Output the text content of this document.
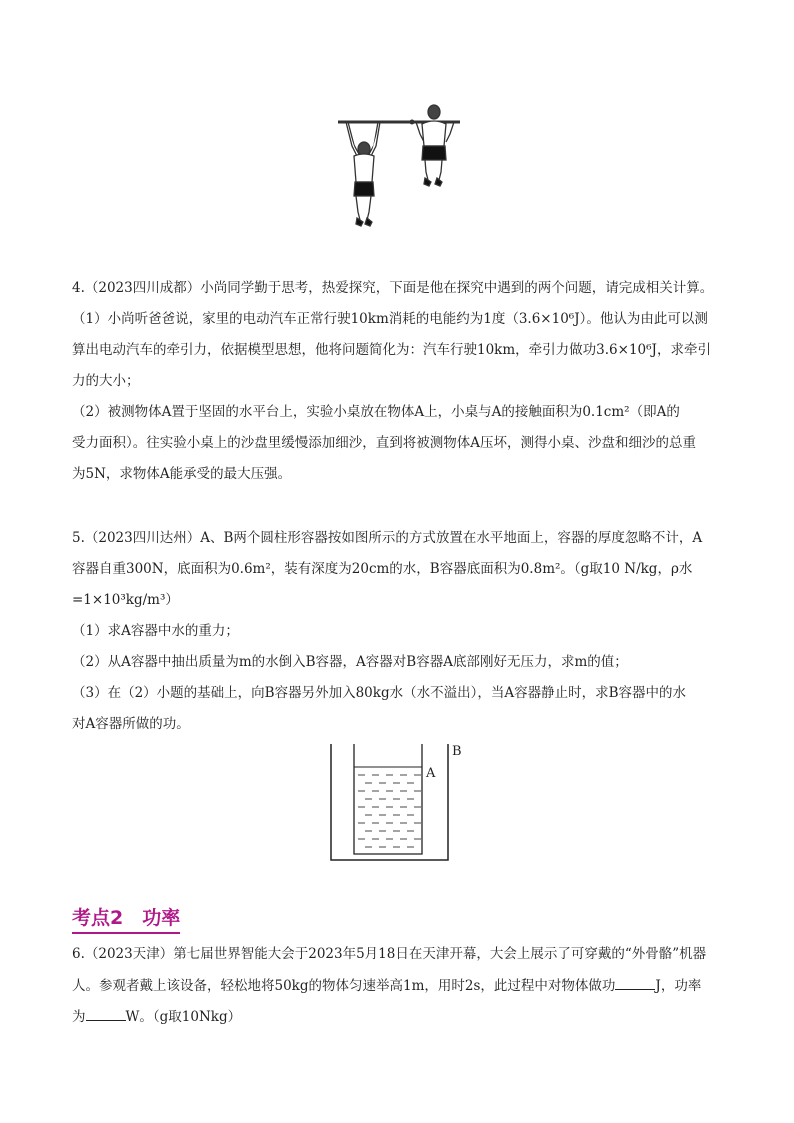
4.（2023四川成都）小尚同学勤于思考，热爱探究，下面是他在探究中遇到的两个问题，请完成相关计算。
（1）小尚听爸爸说，家里的电动汽车正常行驶10km消耗的电能约为1度（3.6×10⁶J）。他认为由此可以测
算出电动汽车的牵引力，依据模型思想，他将问题简化为：汽车行驶10km，牵引力做功3.6×10⁶J，求牵引
力的大小；
（2）被测物体A置于坚固的水平台上，实验小桌放在物体A上，小桌与A的接触面积为0.1cm²（即A的
受力面积）。往实验小桌上的沙盘里缓慢添加细沙，直到将被测物体A压坏，测得小桌、沙盘和细沙的总重
为5N，求物体A能承受的最大压强。
5.（2023四川达州）A、B两个圆柱形容器按如图所示的方式放置在水平地面上，容器的厚度忽略不计，A
容器自重300N，底面积为0.6m²，装有深度为20cm的水，B容器底面积为0.8m²。（g取10 N/kg，ρ水
=1×10³kg/m³）
（1）求A容器中水的重力；
（2）从A容器中抽出质量为m的水倒入B容器，A容器对B容器A底部刚好无压力，求m的值；
（3）在（2）小题的基础上，向B容器另外加入80kg水（水不溢出），当A容器静止时，求B容器中的水
对A容器所做的功。
A
B
考点2　功率
6.（2023天津）第七届世界智能大会于2023年5月18日在天津开幕，大会上展示了可穿戴的“外骨骼”机器
人。参观者戴上该设备，轻松地将50kg的物体匀速举高1m，用时2s，此过程中对物体做功	J，功率
为	W。（g取10Nkg）
